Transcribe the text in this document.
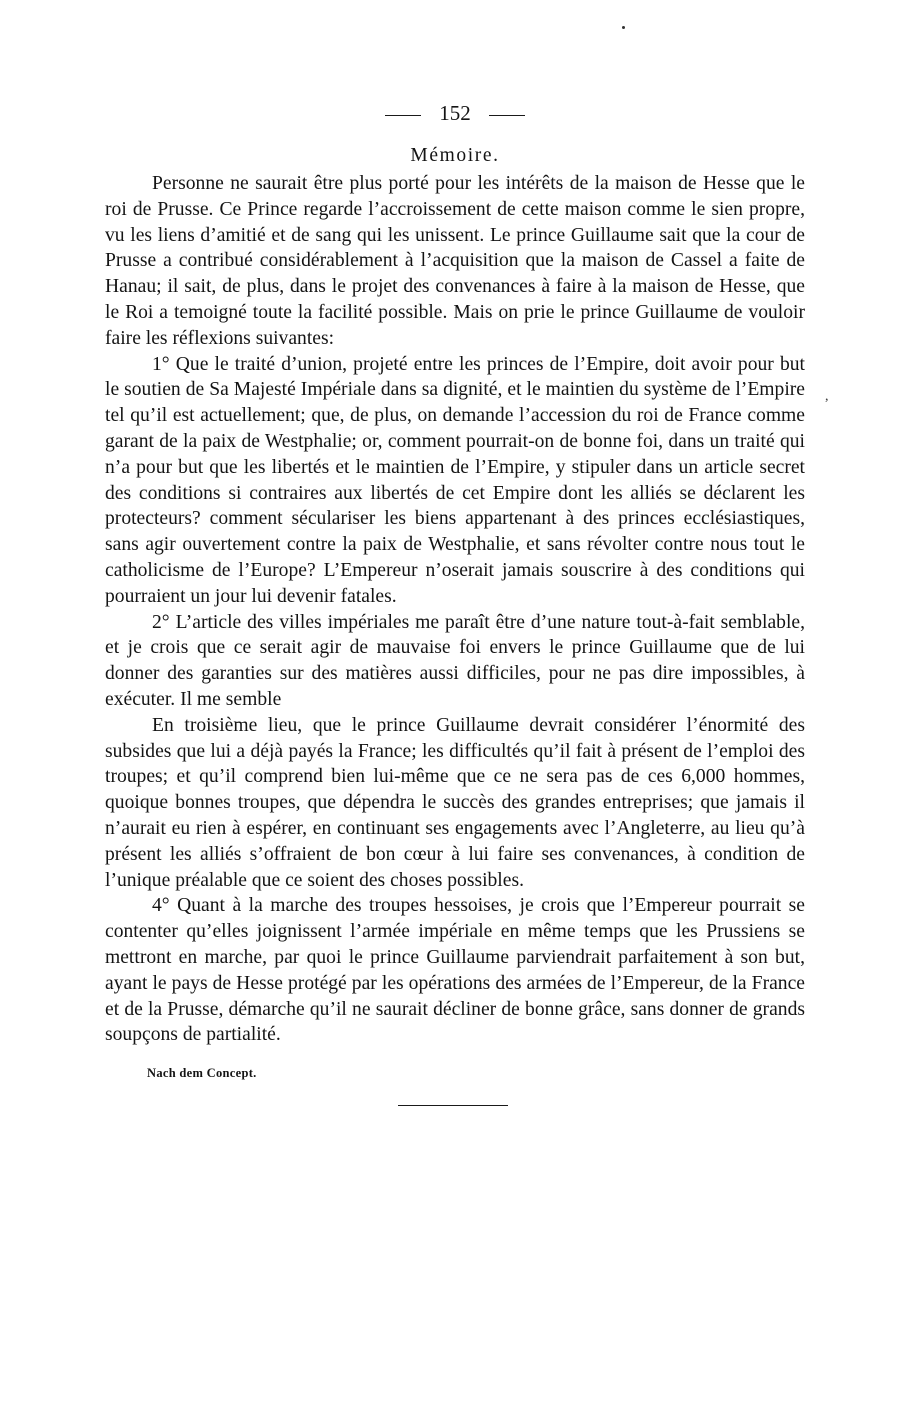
,
152
Mémoire.

Personne ne saurait être plus porté pour les intérêts de la maison de Hesse que le roi de Prusse. Ce Prince regarde l’accroissement de cette maison comme le sien propre, vu les liens d’amitié et de sang qui les unissent. Le prince Guillaume sait que la cour de Prusse a contribué considérablement à l’acquisition que la maison de Cassel a faite de Hanau; il sait, de plus, dans le projet des convenances à faire à la maison de Hesse, que le Roi a temoigné toute la facilité possible. Mais on prie le prince Guillaume de vouloir faire les réflexions suivantes:

1° Que le traité d’union, projeté entre les princes de l’Empire, doit avoir pour but le soutien de Sa Majesté Impériale dans sa dignité, et le maintien du système de l’Empire tel qu’il est actuellement; que, de plus, on demande l’accession du roi de France comme garant de la paix de Westphalie; or, comment pourrait-on de bonne foi, dans un traité qui n’a pour but que les libertés et le maintien de l’Empire, y stipuler dans un article secret des conditions si contraires aux libertés de cet Empire dont les alliés se déclarent les protecteurs? comment séculariser les biens appartenant à des princes ecclésiastiques, sans agir ouvertement contre la paix de Westphalie, et sans révolter contre nous tout le catholicisme de l’Europe? L’Empereur n’oserait jamais souscrire à des conditions qui pourraient un jour lui devenir fatales.

2° L’article des villes impériales me paraît être d’une nature tout-à-fait semblable, et je crois que ce serait agir de mauvaise foi envers le prince Guillaume que de lui donner des garanties sur des matières aussi difficiles, pour ne pas dire impossibles, à exécuter. Il me semble

En troisième lieu, que le prince Guillaume devrait considérer l’énormité des subsides que lui a déjà payés la France; les difficultés qu’il fait à présent de l’emploi des troupes; et qu’il comprend bien lui-même que ce ne sera pas de ces 6,000 hommes, quoique bonnes troupes, que dépendra le succès des grandes entreprises; que jamais il n’aurait eu rien à espérer, en continuant ses engagements avec l’Angleterre, au lieu qu’à présent les alliés s’offraient de bon cœur à lui faire ses convenances, à condition de l’unique préalable que ce soient des choses possibles.

4° Quant à la marche des troupes hessoises, je crois que l’Empereur pourrait se contenter qu’elles joignissent l’armée impériale en même temps que les Prussiens se mettront en marche, par quoi le prince Guillaume parviendrait parfaitement à son but, ayant le pays de Hesse protégé par les opérations des armées de l’Empereur, de la France et de la Prusse, démarche qu’il ne saurait décliner de bonne grâce, sans donner de grands soupçons de partialité.

Nach dem Concept.
